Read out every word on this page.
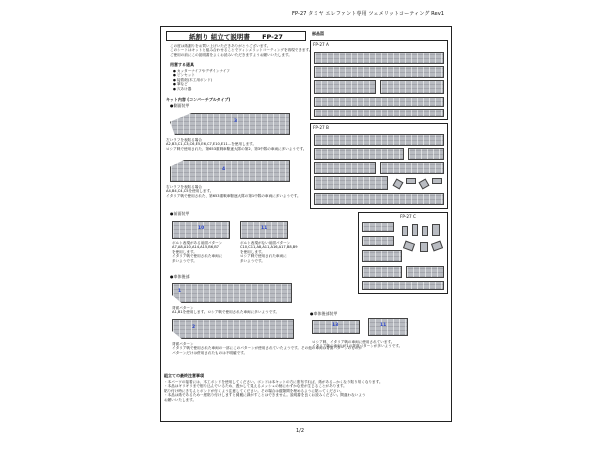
FP-27 タミヤ エレファント専用 ツェメリットコーティング Rev1
紙割り 組立て説明書 FP-27
この度は紙割りをお買い上げいただきありがとうございます。
このシートはキットと組み合わせることでツィンメリットコーティングを再現できます。
ご使用の前にこの説明書をよくお読みいただきますようお願いいたします。
用意する道具
● カッターナイフやデザインナイフ
● ピンセット
● 接着剤(木工用ボンド)
● 筆など
● 穴あけ器
キット内容 (コンバーチブルタイプ)
●側面装甲
3
左いラフを表貼る場合
A2,B3,C1,C3,C6,E5,E6,C7,E10,E11...を使用します。
ロシア戦で使用された、第653重戦車駆逐大隊の第2、第3中隊の車両に多いようです。
4
右いラフを表貼る場合
A4,B4,C4,C5を使用します。
イタリア戦で使用された、第653重戦車駆逐大隊の第1中隊の車両に多いようです。
●前面装甲
10	11
ボルト表現がある前面パターン
A7,A8,A10,A14,A15,B6,B7
を使用します。
イタリア戦で使用された車両に
多いようです。
ボルト表現がない前面パターン
C10,C11,A8,A11,A16,A17,B8,B9
を使用します。
ロシア戦で使用された車両に
多いようです。
●車体後部
1
背面パターン
A1,B1を使用します。ロシア戦で使用された車両に多いようです。
2
背面パターン
イタリア戦で使用された車両の一部にこのパターンが使用されていたようです。その他の車両は背面パターンのものが
パターンだけは併用されたものは不明確です。
●車体後部装甲
13	11
ロシア戦、イタリア戦の車両に使用されています。
イタリア戦の車両はF1の背面パターンが多いようです。
組立ての最終注意事項
・本パーツの接着には、木工ボンドを使用してください。ボンドは本キットの方に塗布すれば、紙がある...かくなり貼り易くなります。
・本品はギリギリまで削り込んでいるため、透かして見えるメッシュの柄にわずかな差が生じることがあります。
貼り付け時にきちんとボンドが付くよう注意してください。その場合は縦隙間を埋めるように貼ってください。
・本品は紙であるため一度貼り付けしますと綺麗に剥がすことはできません。説明書を良くお読みください。間違わないよう
お願いいたします。
部品図
FP-27 A
FP-27 B
FP-27 C
1/2
